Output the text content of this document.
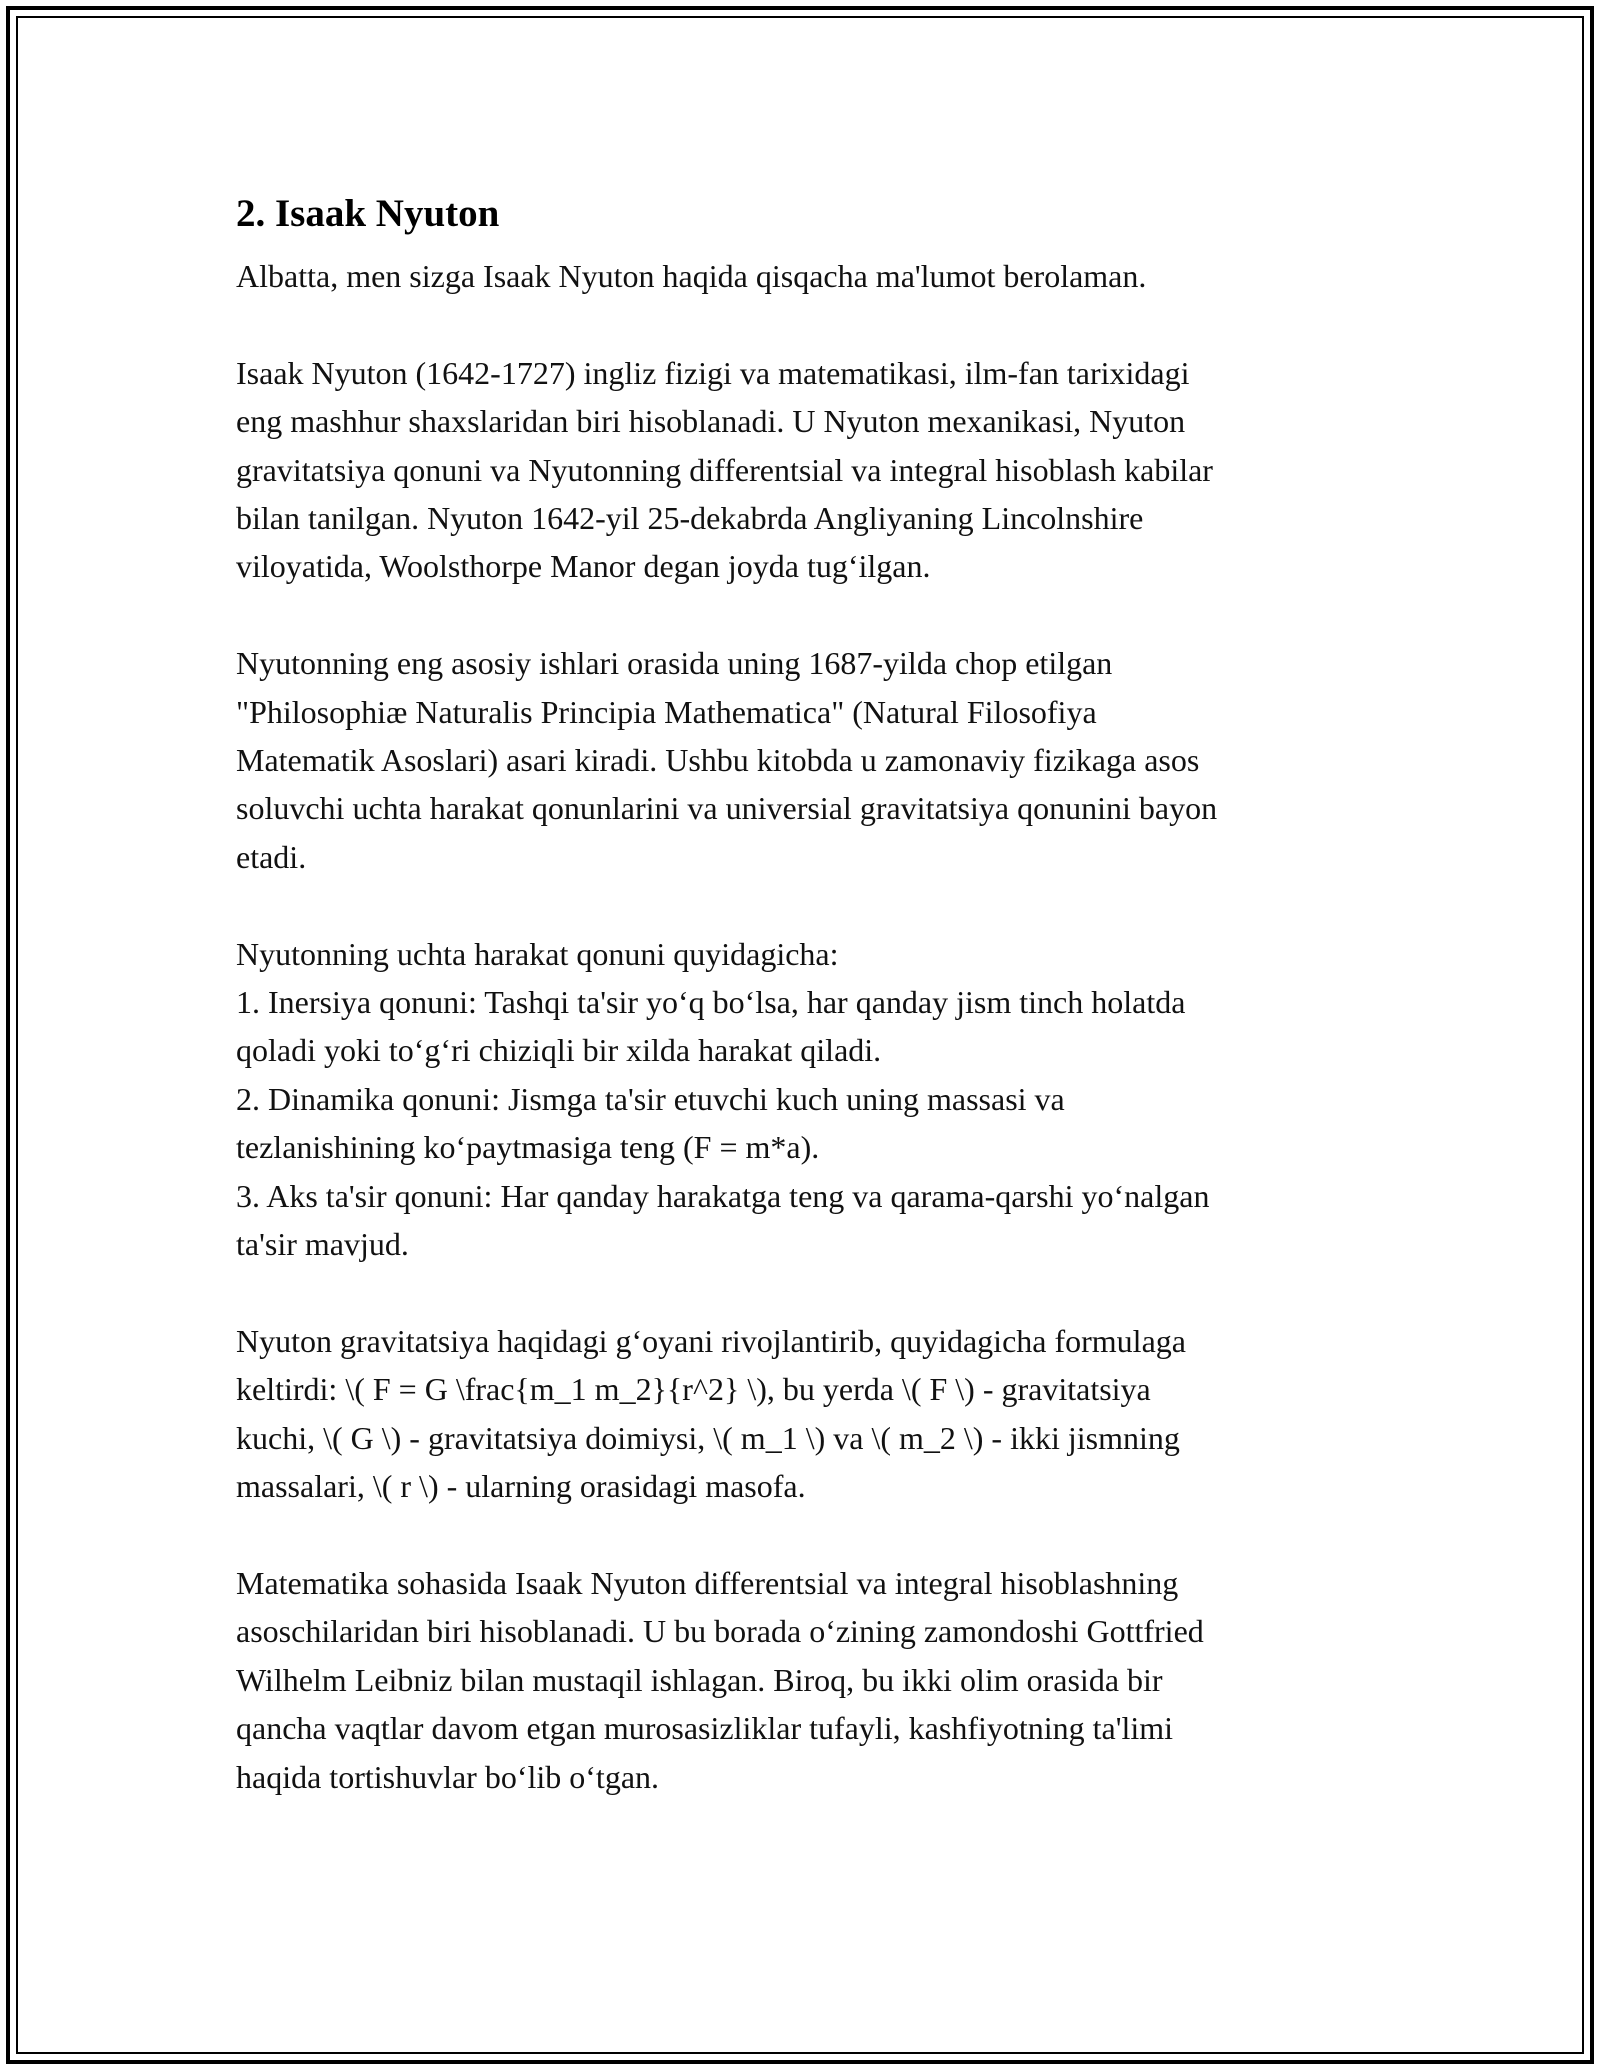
2. Isaak Nyuton

Albatta, men sizga Isaak Nyuton haqida qisqacha ma'lumot berolaman.

Isaak Nyuton (1642-1727) ingliz fizigi va matematikasi, ilm-fan tarixidagi
eng mashhur shaxslaridan biri hisoblanadi. U Nyuton mexanikasi, Nyuton
gravitatsiya qonuni va Nyutonning differentsial va integral hisoblash kabilar
bilan tanilgan. Nyuton 1642-yil 25-dekabrda Angliyaning Lincolnshire
viloyatida, Woolsthorpe Manor degan joyda tug‘ilgan.

Nyutonning eng asosiy ishlari orasida uning 1687-yilda chop etilgan
"Philosophiæ Naturalis Principia Mathematica" (Natural Filosofiya
Matematik Asoslari) asari kiradi. Ushbu kitobda u zamonaviy fizikaga asos
soluvchi uchta harakat qonunlarini va universial gravitatsiya qonunini bayon
etadi.

Nyutonning uchta harakat qonuni quyidagicha:
1. Inersiya qonuni: Tashqi ta'sir yo‘q bo‘lsa, har qanday jism tinch holatda
qoladi yoki to‘g‘ri chiziqli bir xilda harakat qiladi.
2. Dinamika qonuni: Jismga ta'sir etuvchi kuch uning massasi va
tezlanishining ko‘paytmasiga teng (F = m*a).
3. Aks ta'sir qonuni: Har qanday harakatga teng va qarama-qarshi yo‘nalgan
ta'sir mavjud.

Nyuton gravitatsiya haqidagi g‘oyani rivojlantirib, quyidagicha formulaga
keltirdi: \( F = G \frac{m_1 m_2}{r^2} \), bu yerda \( F \) - gravitatsiya
kuchi, \( G \) - gravitatsiya doimiysi, \( m_1 \) va \( m_2 \) - ikki jismning
massalari, \( r \) - ularning orasidagi masofa.

Matematika sohasida Isaak Nyuton differentsial va integral hisoblashning
asoschilaridan biri hisoblanadi. U bu borada o‘zining zamondoshi Gottfried
Wilhelm Leibniz bilan mustaqil ishlagan. Biroq, bu ikki olim orasida bir
qancha vaqtlar davom etgan murosasizliklar tufayli, kashfiyotning ta'limi
haqida tortishuvlar bo‘lib o‘tgan.
